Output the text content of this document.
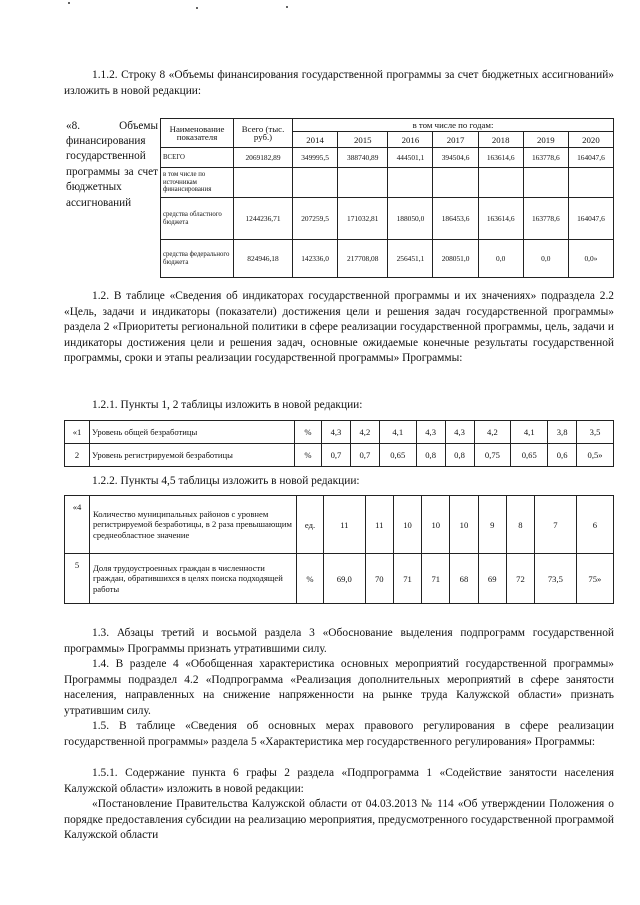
1.1.2. Строку 8 «Объемы финансирования государственной программы за счет бюджетных ассигнований» изложить в новой редакции:
«8. Объемы финансирования государственной программы за счет бюджетных ассигнований	Наименование показателя	Всего (тыс. руб.)	в том числе по годам:						
			2014	2015	2016	2017	2018	2019	2020
	ВСЕГО	2069182,89	349995,5	388740,89	444501,1	394504,6	163614,6	163778,6	164047,6
	в том числе по источникам финансирования								
	средства областного бюджета	1244236,71	207259,5	171032,81	188050,0	186453,6	163614,6	163778,6	164047,6
	средства федерального бюджета	824946,18	142336,0	217708,08	256451,1	208051,0	0,0	0,0	0,0»
1.2. В таблице «Сведения об индикаторах государственной программы и их значениях» подраздела 2.2 «Цель, задачи и индикаторы (показатели) достижения цели и решения задач государственной программы» раздела 2 «Приоритеты региональной политики в сфере реализации государственной программы, цель, задачи и индикаторы достижения цели и решения задач, основные ожидаемые конечные результаты государственной программы, сроки и этапы реализации государственной программы» Программы:
1.2.1. Пункты 1, 2 таблицы изложить в новой редакции:
«1	Уровень общей безработицы	%	4,3	4,2	4,1	4,3	4,3	4,2	4,1	3,8	3,5
2	Уровень регистрируемой безработицы	%	0,7	0,7	0,65	0,8	0,8	0,75	0,65	0,6	0,5»
1.2.2. Пункты 4,5 таблицы изложить в новой редакции:
«4	Количество муниципальных районов с уровнем регистрируемой безработицы, в 2 раза превышающим среднеобластное значение	ед.	11	11	10	10	10	9	8	7	6
5	Доля трудоустроенных граждан в численности граждан, обратившихся в целях поиска подходящей работы	%	69,0	70	71	71	68	69	72	73,5	75»
1.3. Абзацы третий и восьмой раздела 3 «Обоснование выделения подпрограмм государственной программы» Программы признать утратившими силу.
1.4. В разделе 4 «Обобщенная характеристика основных мероприятий государственной программы» Программы подраздел 4.2 «Подпрограмма «Реализация дополнительных мероприятий в сфере занятости населения, направленных на снижение напряженности на рынке труда Калужской области» признать утратившим силу.
1.5. В таблице «Сведения об основных мерах правового регулирования в сфере реализации государственной программы» раздела 5 «Характеристика мер государственного регулирования» Программы:
1.5.1. Содержание пункта 6 графы 2 раздела «Подпрограмма 1 «Содействие занятости населения Калужской области» изложить в новой редакции:
«Постановление Правительства Калужской области от 04.03.2013 № 114 «Об утверждении Положения о порядке предоставления субсидии на реализацию мероприятия, предусмотренного государственной программой Калужской области
